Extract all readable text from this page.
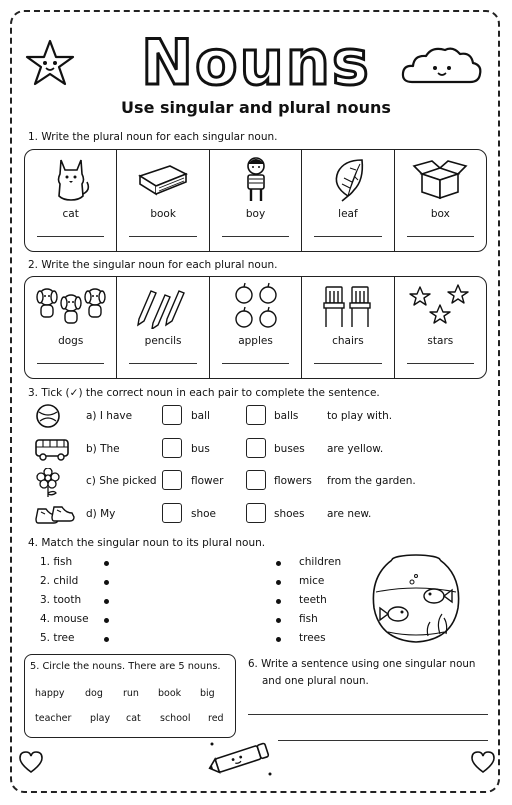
Nouns
Use singular and plural nouns
1. Write the plural noun for each singular noun.
cat	book	boy	leaf	box
2. Write the singular noun for each plural noun.
dogs	pencils	apples	chairs	stars
3. Tick (✓) the correct noun in each pair to complete the sentence.
a) I have	ball	balls	to play with.
b) The	bus	buses are yellow.
c) She picked	flower	flowers from the garden.
d) My	shoe	shoes are new.
4. Match the singular noun to its plural noun.
1. fish
2. child
3. tooth
4. mouse
5. tree
children
mice
teeth
fish
trees
5. Circle the nouns. There are 5 nouns.
happy dog run book big
teacher play cat school red
6. Write a sentence using one singular noun
and one plural noun.
